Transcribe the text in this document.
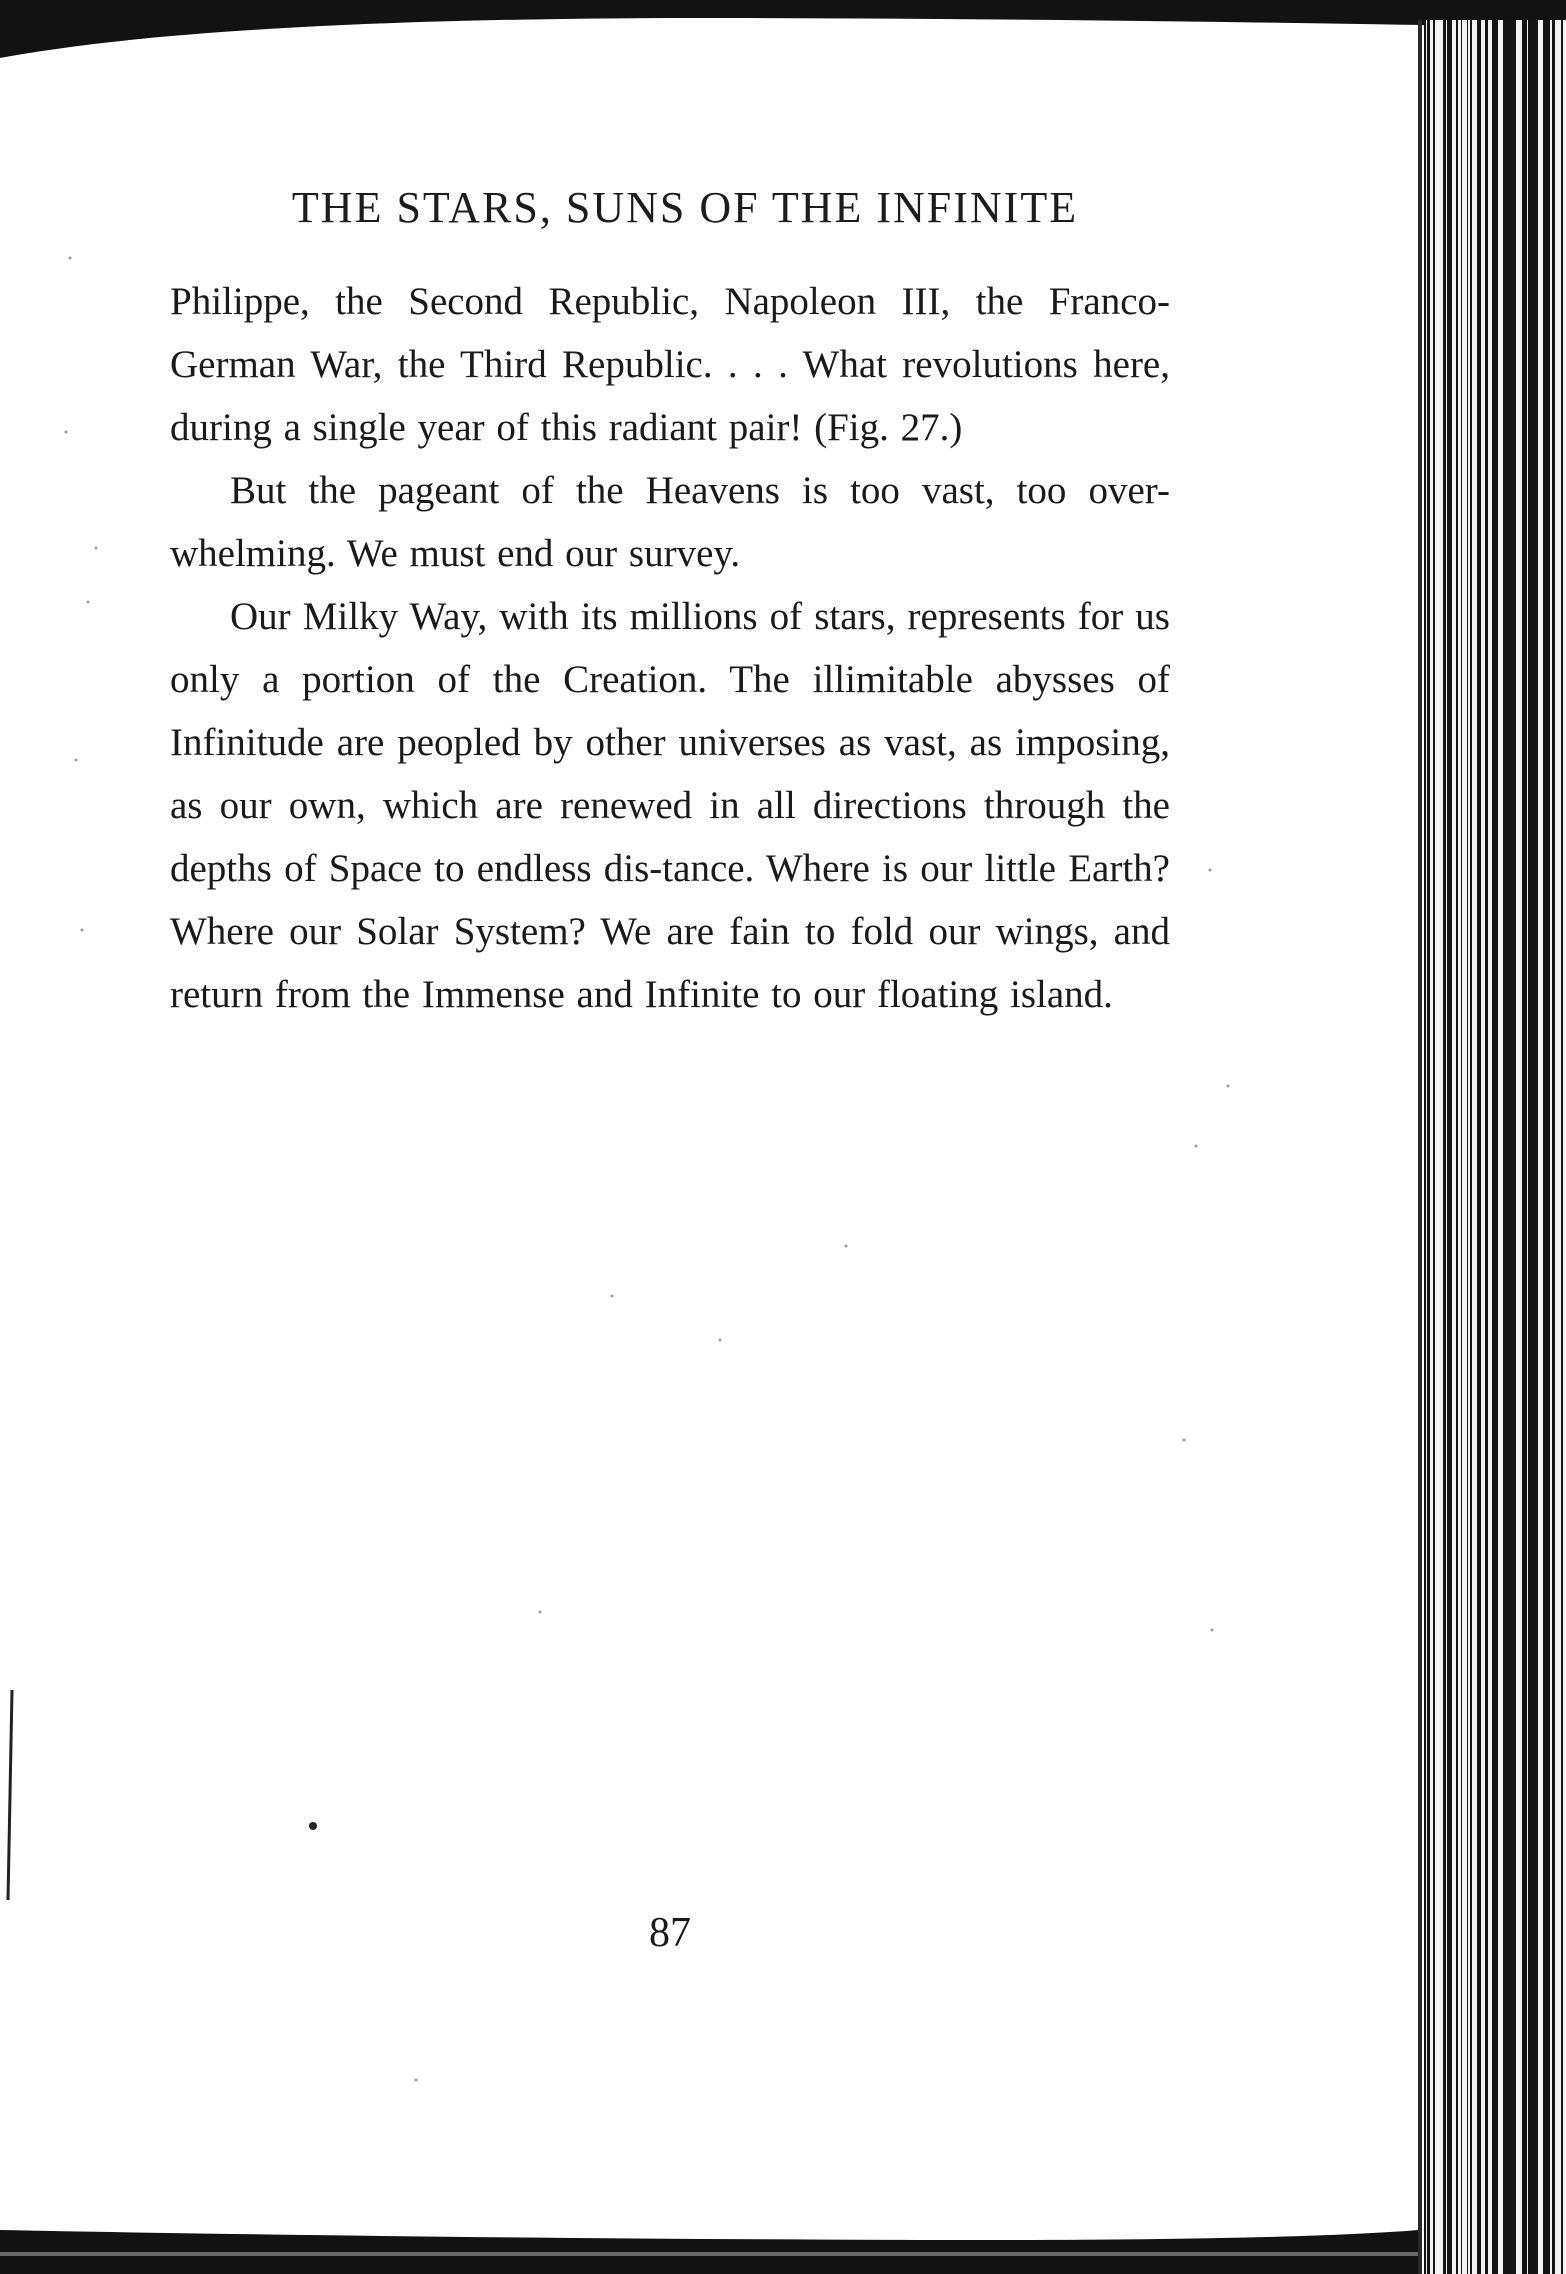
THE STARS, SUNS OF THE INFINITE

Philippe, the Second Republic, Napoleon III, the Franco-German War, the Third Republic. . . . What revolutions here, during a single year of this radiant pair! (Fig. 27.)

But the pageant of the Heavens is too vast, too over-whelming. We must end our survey.

Our Milky Way, with its millions of stars, represents for us only a portion of the Creation. The illimitable abysses of Infinitude are peopled by other universes as vast, as imposing, as our own, which are renewed in all directions through the depths of Space to endless dis-tance. Where is our little Earth? Where our Solar System? We are fain to fold our wings, and return from the Immense and Infinite to our floating island.

87
